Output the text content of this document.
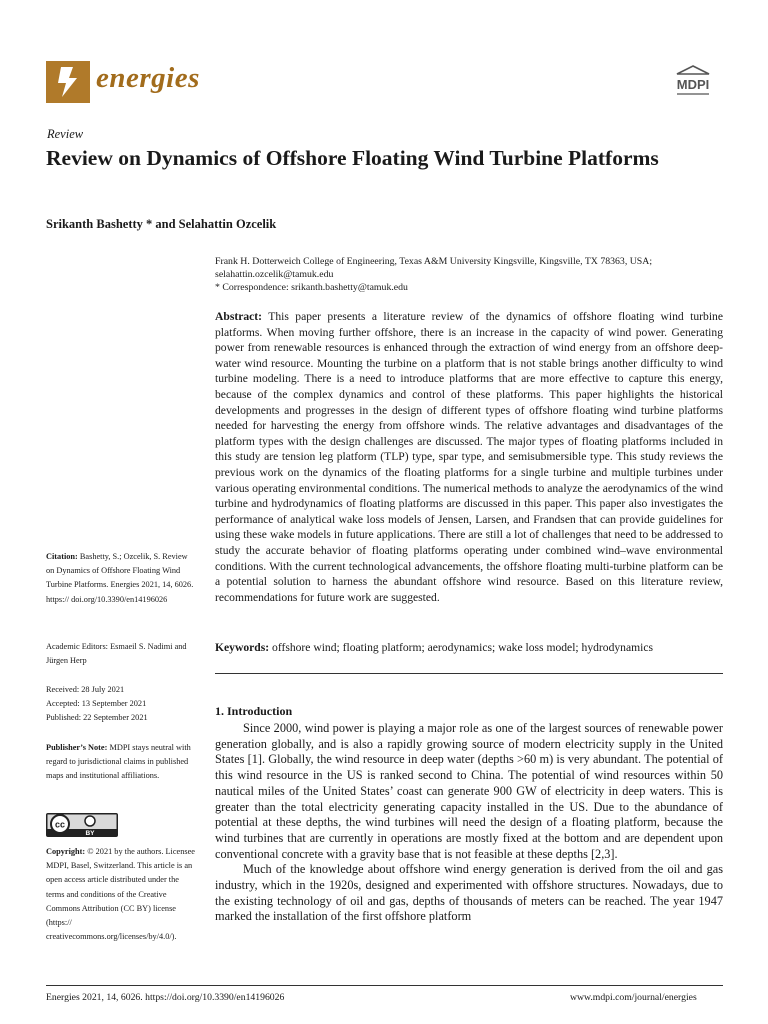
energies	MDPI
Review
Review on Dynamics of Offshore Floating Wind Turbine Platforms
Srikanth Bashetty * and Selahattin Ozcelik
Frank H. Dotterweich College of Engineering, Texas A&M University Kingsville, Kingsville, TX 78363, USA;
selahattin.ozcelik@tamuk.edu
* Correspondence: srikanth.bashetty@tamuk.edu
Abstract: This paper presents a literature review of the dynamics of offshore floating wind turbine platforms. When moving further offshore, there is an increase in the capacity of wind power. Generating power from renewable resources is enhanced through the extraction of wind energy from an offshore deep-water wind resource. Mounting the turbine on a platform that is not stable brings another difficulty to wind turbine modeling. There is a need to introduce platforms that are more effective to capture this energy, because of the complex dynamics and control of these platforms. This paper highlights the historical developments and progresses in the design of different types of offshore floating wind turbine platforms needed for harvesting the energy from offshore winds. The relative advantages and disadvantages of the platform types with the design challenges are discussed. The major types of floating platforms included in this study are tension leg platform (TLP) type, spar type, and semisubmersible type. This study reviews the previous work on the dynamics of the floating platforms for a single turbine and multiple turbines under various operating environmental conditions. The numerical methods to analyze the aerodynamics of the wind turbine and hydrodynamics of floating platforms are discussed in this paper. This paper also investigates the performance of analytical wake loss models of Jensen, Larsen, and Frandsen that can provide guidelines for using these wake models in future applications. There are still a lot of challenges that need to be addressed to study the accurate behavior of floating platforms operating under combined wind–wave environmental conditions. With the current technological advancements, the offshore floating multi-turbine platform can be a potential solution to harness the abundant offshore wind resource. Based on this literature review, recommendations for future work are suggested.
Keywords: offshore wind; floating platform; aerodynamics; wake loss model; hydrodynamics
1. Introduction

Since 2000, wind power is playing a major role as one of the largest sources of renewable power generation globally, and is also a rapidly growing source of modern electricity supply in the United States [1]. Globally, the wind resource in deep water (depths >60 m) is very abundant. The potential of this wind resource in the US is ranked second to China. The potential of wind resources within 50 nautical miles of the United States’ coast can generate 900 GW of electricity in deep waters. This is greater than the total electricity generating capacity installed in the US. Due to the abundance of potential at these depths, the wind turbines will need the design of a floating platform, because the wind turbines that are currently in operations are mostly fixed at the bottom and are dependent upon conventional concrete with a gravity base that is not feasible at these depths [2,3].

Much of the knowledge about offshore wind energy generation is derived from the oil and gas industry, which in the 1920s, designed and experimented with offshore structures. Nowadays, due to the existing technology of oil and gas, depths of thousands of meters can be reached. The year 1947 marked the installation of the first offshore platform

Citation: Bashetty, S.; Ozcelik, S. Review on Dynamics of Offshore Floating Wind Turbine Platforms. Energies 2021, 14, 6026. https:// doi.org/10.3390/en14196026
Academic Editors: Esmaeil S. Nadimi and Jürgen Herp
Received: 28 July 2021
Accepted: 13 September 2021
Published: 22 September 2021
Publisher’s Note: MDPI stays neutral with regard to jurisdictional claims in published maps and institutional affiliations.
cc
BY
Copyright: © 2021 by the authors. Licensee MDPI, Basel, Switzerland. This article is an open access article distributed under the terms and conditions of the Creative Commons Attribution (CC BY) license (https:// creativecommons.org/licenses/by/4.0/).
Energies 2021, 14, 6026. https://doi.org/10.3390/en14196026	www.mdpi.com/journal/energies
